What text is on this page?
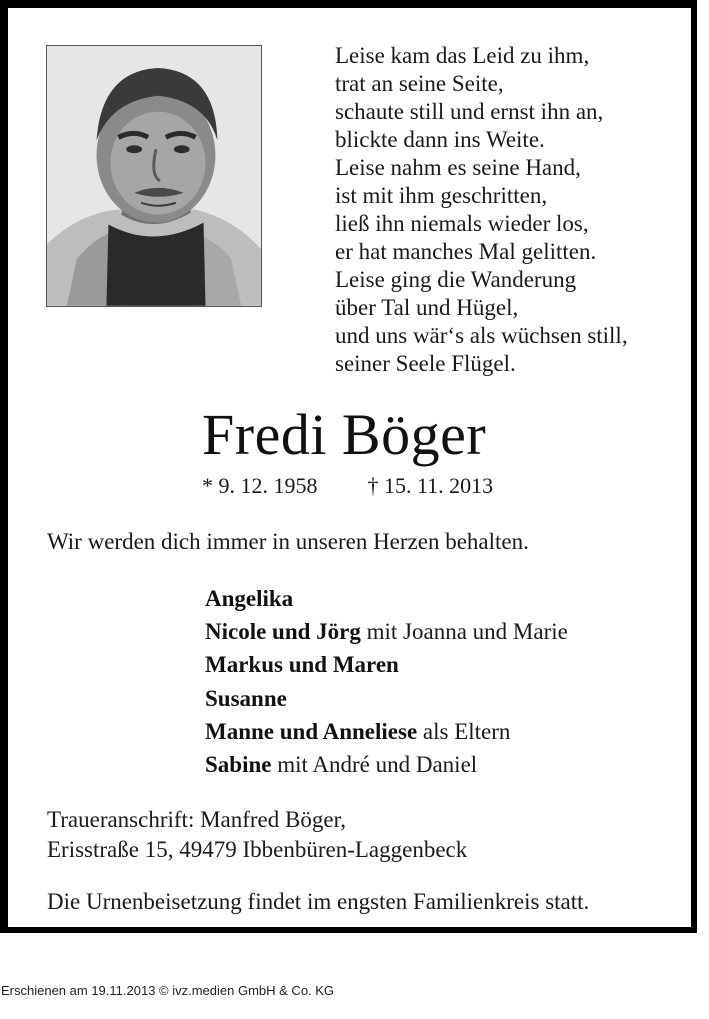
Leise kam das Leid zu ihm,
trat an seine Seite,
schaute still und ernst ihn an,
blickte dann ins Weite.
Leise nahm es seine Hand,
ist mit ihm geschritten,
ließ ihn niemals wieder los,
er hat manches Mal gelitten.
Leise ging die Wanderung
über Tal und Hügel,
und uns wär‘s als wüchsen still,
seiner Seele Flügel.
Fredi Böger
* 9. 12. 1958 † 15. 11. 2013
Wir werden dich immer in unseren Herzen behalten.
Angelika
Nicole und Jörg mit Joanna und Marie
Markus und Maren
Susanne
Manne und Anneliese als Eltern
Sabine mit André und Daniel
Traueranschrift: Manfred Böger,
Erisstraße 15, 49479 Ibbenbüren-Laggenbeck
Die Urnenbeisetzung findet im engsten Familienkreis statt.
Erschienen am 19.11.2013 © ivz.medien GmbH & Co. KG
